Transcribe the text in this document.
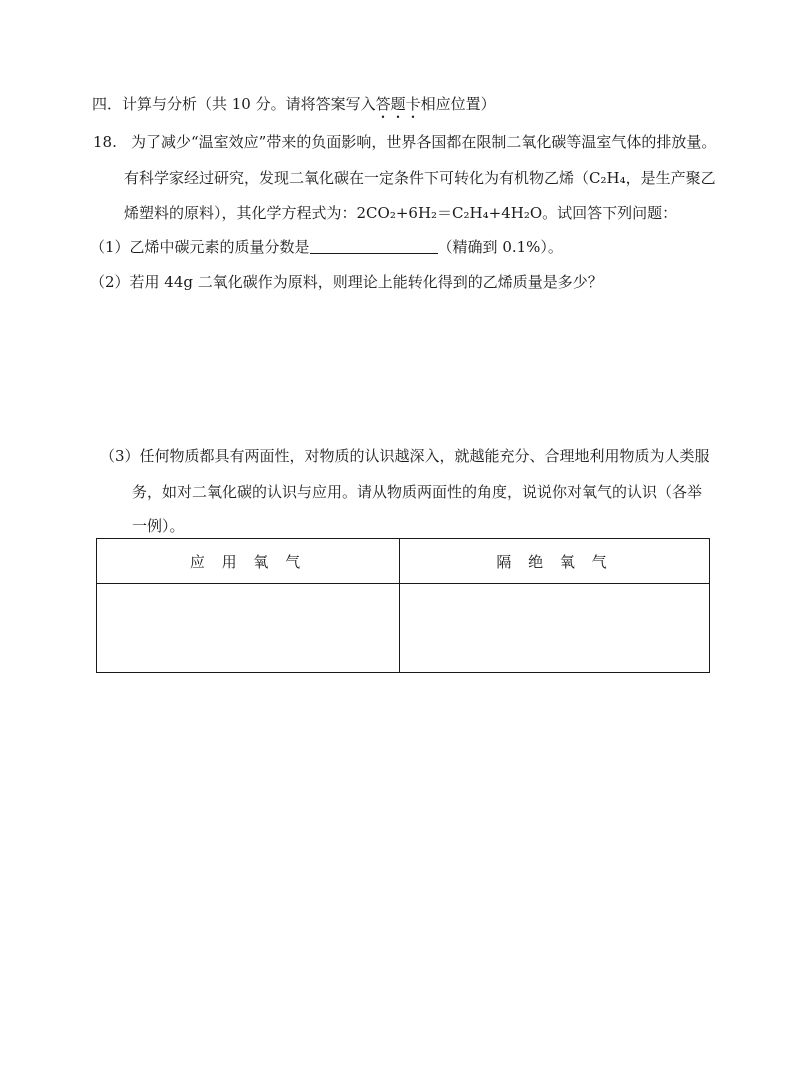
四．计算与分析（共 10 分。请将答案写入答题卡相应位置）
18. 为了减少“温室效应”带来的负面影响，世界各国都在限制二氧化碳等温室气体的排放量。
有科学家经过研究，发现二氧化碳在一定条件下可转化为有机物乙烯（C₂H₄，是生产聚乙
烯塑料的原料），其化学方程式为：2CO₂+6H₂＝C₂H₄+4H₂O。试回答下列问题：
（1）乙烯中碳元素的质量分数是	（精确到 0.1%）。
（2）若用 44g 二氧化碳作为原料，则理论上能转化得到的乙烯质量是多少？
（3）任何物质都具有两面性，对物质的认识越深入，就越能充分、合理地利用物质为人类服
务，如对二氧化碳的认识与应用。请从物质两面性的角度，说说你对氧气的认识（各举
一例）。
应 用 氧 气	隔 绝 氧 气
